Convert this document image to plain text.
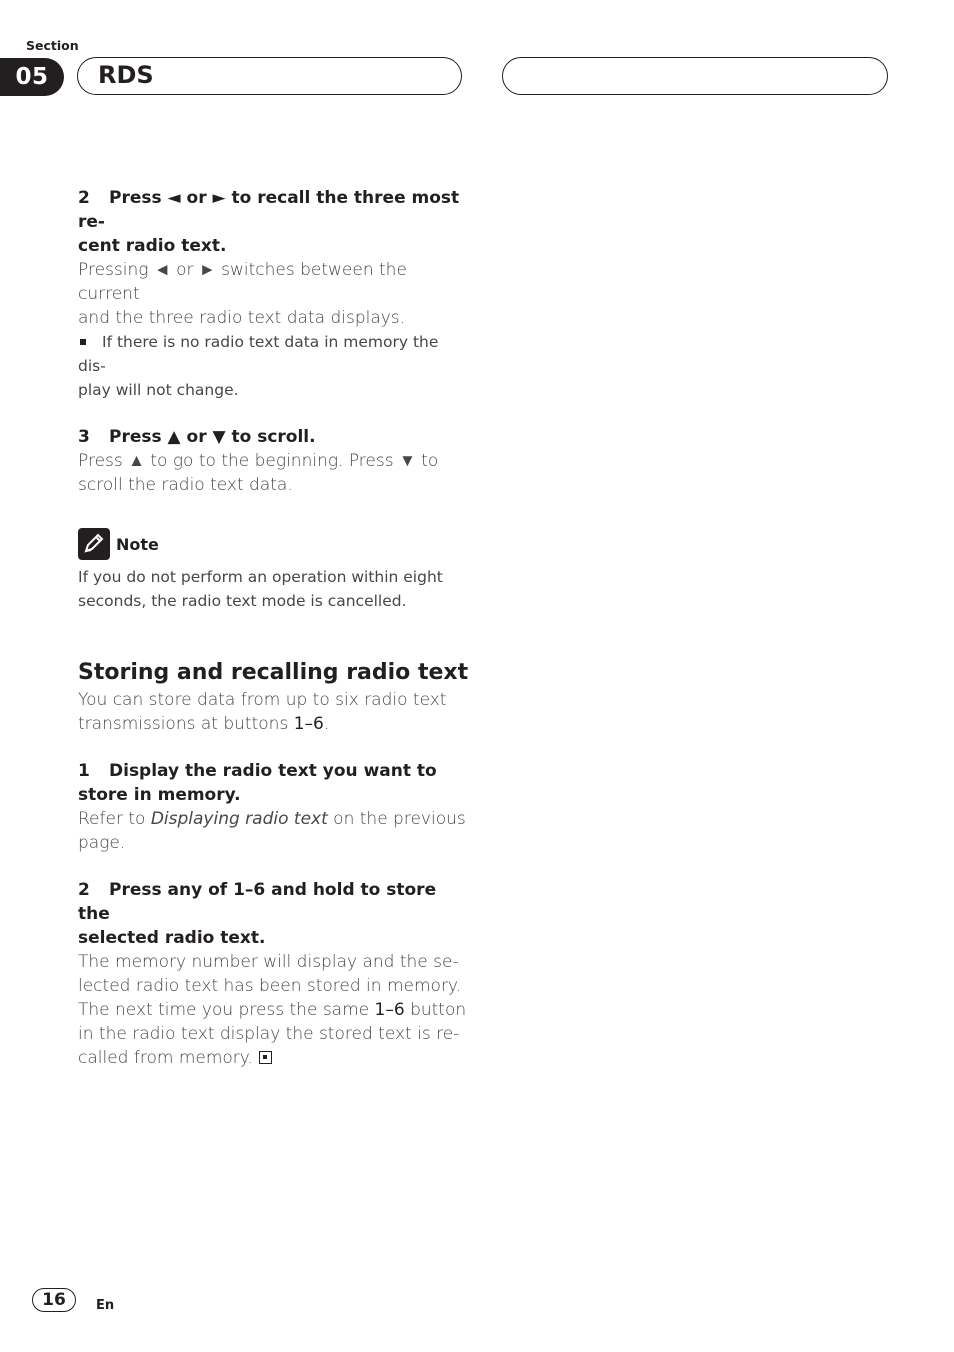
Section
05	RDS

2 Press ◄ or ► to recall the three most re-

cent radio text.

Pressing ◄ or ► switches between the current

and the three radio text data displays.

If there is no radio text data in memory the dis-

play will not change.

3 Press ▲ or ▼ to scroll.

Press ▲ to go to the beginning. Press ▼ to

scroll the radio text data.

Note

If you do not perform an operation within eight

seconds, the radio text mode is cancelled.

Storing and recalling radio text

You can store data from up to six radio text

transmissions at buttons 1–6.

1 Display the radio text you want to

store in memory.

Refer to Displaying radio text on the previous

page.

2 Press any of 1–6 and hold to store the

selected radio text.

The memory number will display and the se-

lected radio text has been stored in memory.

The next time you press the same 1–6 button

in the radio text display the stored text is re-

called from memory.

16	En
